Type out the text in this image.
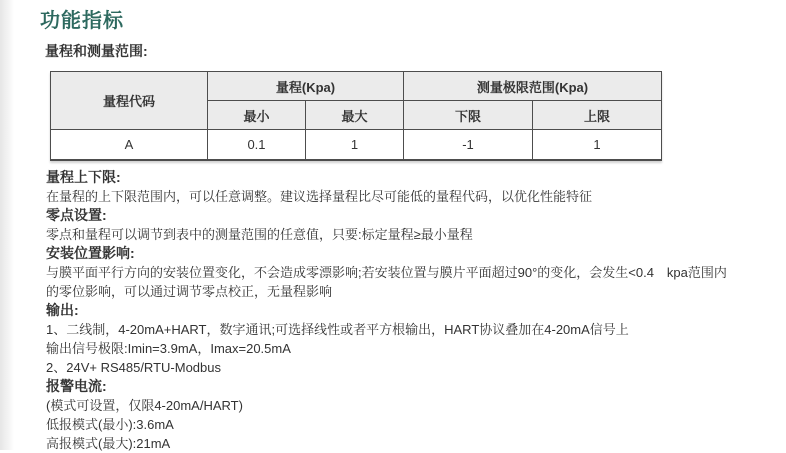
功能指标
量程和测量范围:
量程代码	量程(Kpa)		测量极限范围(Kpa)	
	最小	最大	下限	上限
A	0.1	1	-1	1
量程上下限:
在量程的上下限范围内，可以任意调整。建议选择量程比尽可能低的量程代码，以优化性能特征
零点设置:
零点和量程可以调节到表中的测量范围的任意值，只要:标定量程≥最小量程
安装位置影响:
与膜平面平行方向的安装位置变化，不会造成零漂影响;若安装位置与膜片平面超过90°的变化，会发生<0.4　kpa范围内
的零位影响，可以通过调节零点校正，无量程影响
输出:
1、二线制，4-20mA+HART，数字通讯;可选择线性或者平方根输出，HART协议叠加在4-20mA信号上
输出信号极限:Imin=3.9mA，Imax=20.5mA
2、24V+ RS485/RTU-Modbus
报警电流:
(模式可设置，仅限4-20mA/HART)
低报模式(最小):3.6mA
高报模式(最大):21mA
